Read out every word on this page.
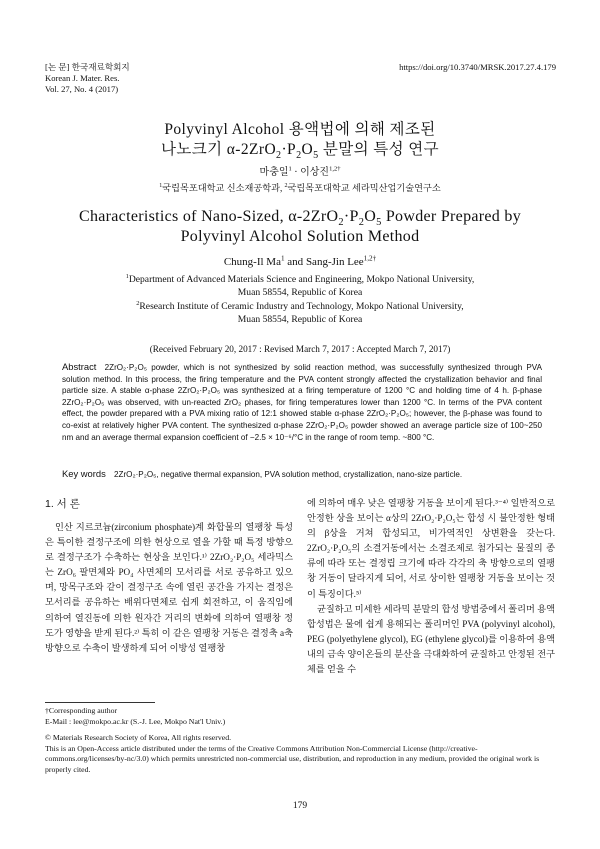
[논 문] 한국재료학회지
Korean J. Mater. Res.
Vol. 27, No. 4 (2017)
https://doi.org/10.3740/MRSK.2017.27.4.179
Polyvinyl Alcohol 용액법에 의해 제조된
나노크기 $\alpha-2ZrO_2\cdot P_2O_5$ 분말의 특성 연구
마충일$^1$ · 이상진$^{1,2\dagger}$
$^1$국립목포대학교 신소재공학과, $^2$국립목포대학교 세라믹산업기술연구소
Characteristics of Nano-Sized, $\alpha-2ZrO_2\cdot P_2O_5$ Powder Prepared by
Polyvinyl Alcohol Solution Method
Chung-Il Ma$^1$ and Sang-Jin Lee$^{1,2\dagger}$
$^1$Department of Advanced Materials Science and Engineering, Mokpo National University,
Muan 58554, Republic of Korea
$^2$Research Institute of Ceramic Industry and Technology, Mokpo National University,
Muan 58554, Republic of Korea
(Received February 20, 2017 : Revised March 7, 2017 : Accepted March 7, 2017)
Abstract 2ZrO₂·P₂O₅ powder, which is not synthesized by solid reaction method, was successfully synthesized through PVA solution method. In this process, the firing temperature and the PVA content strongly affected the crystallization behavior and final particle size. A stable α-phase 2ZrO₂·P₂O₅ was synthesized at a firing temperature of 1200 °C and holding time of 4 h. β-phase 2ZrO₂·P₂O₅ was observed, with un-reacted ZrO₂ phases, for firing temperatures lower than 1200 °C. In terms of the PVA content effect, the powder prepared with a PVA mixing ratio of 12:1 showed stable α-phase 2ZrO₂·P₂O₅; however, the β-phase was found to co-exist at relatively higher PVA content. The synthesized α-phase 2ZrO₂·P₂O₅ powder showed an average particle size of 100~250 nm and an average thermal expansion coefficient of −2.5 × 10⁻⁶/°C in the range of room temp. ~800 °C.
Key words 2ZrO₂·P₂O₅, negative thermal expansion, PVA solution method, crystallization, nano-size particle.
1. 서 론

인산 지르코늄(zirconium phosphate)계 화합물의 열팽창 특성은 특이한 결정구조에 의한 현상으로 열을 가할 때 특정 방향으로 결정구조가 수축하는 현상을 보인다.¹⁾ 2ZrO₂·P₂O₅ 세라믹스는 ZrO₆ 팔면체와 PO₄ 사면체의 모서리를 서로 공유하고 있으며, 망목구조와 같이 결정구조 속에 열린 공간을 가지는 결정은 모서리를 공유하는 배위다면체로 쉽게 회전하고, 이 움직임에 의하여 열진동에 의한 원자간 거리의 변화에 의하여 열팽창 정도가 영향을 받게 된다.²⁾ 특히 이 같은 열팽창 거동은 결정축 a축 방향으로 수축이 발생하게 되어 이방성 열팽창

에 의하여 매우 낮은 열팽창 거동을 보이게 된다.³⁻⁴⁾ 일반적으로 안정한 상을 보이는 α상의 2ZrO₂·P₂O₅는 합성 시 불안정한 형태의 β상을 거쳐 합성되고, 비가역적인 상변환을 갖는다. 2ZrO₂·P₂O₅의 소결거동에서는 소결조제로 첨가되는 물질의 종류에 따라 또는 결정립 크기에 따라 각각의 축 방향으로의 열팽창 거동이 달라지게 되어, 서로 상이한 열팽창 거동을 보이는 것이 특징이다.⁵⁾

균질하고 미세한 세라믹 분말의 합성 방법중에서 폴리머 용액합성법은 물에 쉽게 용해되는 폴리머인 PVA (polyvinyl alcohol), PEG (polyethylene glycol), EG (ethylene glycol)를 이용하여 용액내의 금속 양이온들의 분산을 극대화하여 균질하고 안정된 전구체를 얻을 수

†Corresponding author

E-Mail : lee@mokpo.ac.kr (S.-J. Lee, Mokpo Nat'l Univ.)

© Materials Research Society of Korea, All rights reserved.

This is an Open-Access article distributed under the terms of the Creative Commons Attribution Non-Commercial License (http://creative-commons.org/licenses/by-nc/3.0) which permits unrestricted non-commercial use, distribution, and reproduction in any medium, provided the original work is properly cited.

179
